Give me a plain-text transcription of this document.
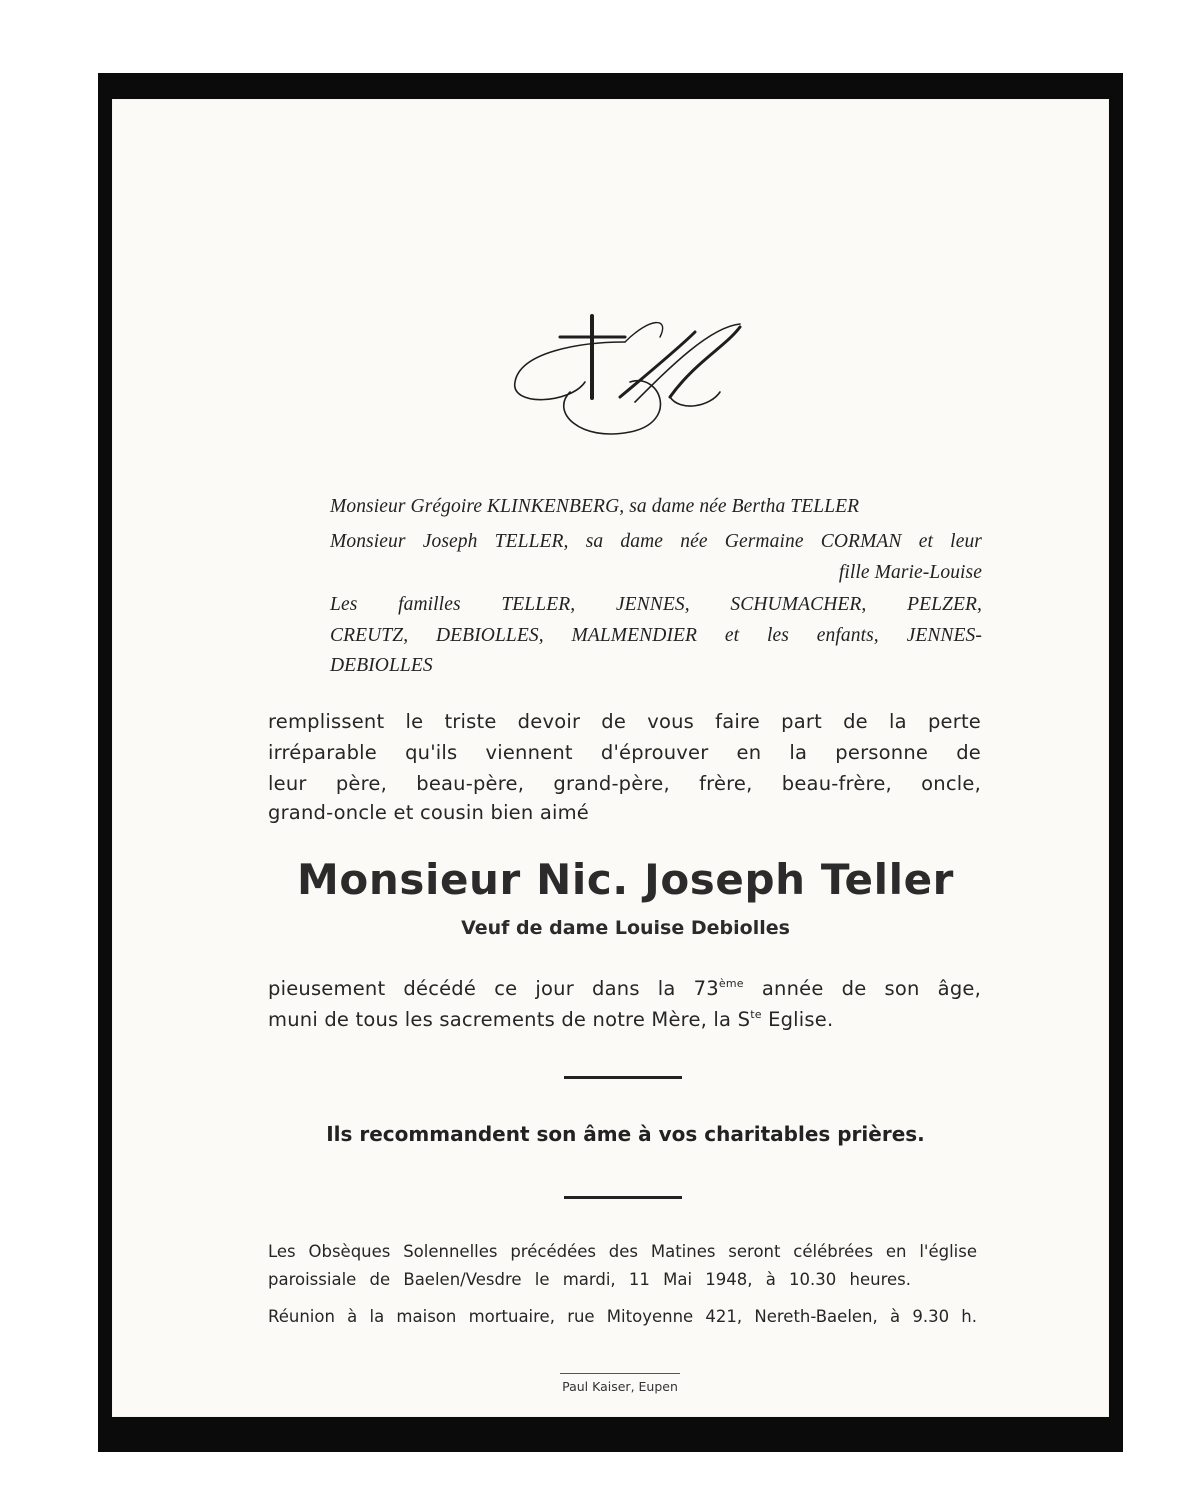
Monsieur Grégoire KLINKENBERG, sa dame née Bertha TELLER
Monsieur Joseph TELLER, sa dame née Germaine CORMAN et leur
fille Marie-Louise
Les familles TELLER, JENNES, SCHUMACHER, PELZER,
CREUTZ, DEBIOLLES, MALMENDIER et les enfants, JENNES-
DEBIOLLES
remplissent le triste devoir de vous faire part de la perte
irréparable qu'ils viennent d'éprouver en la personne de
leur père, beau-père, grand-père, frère, beau-frère, oncle,
grand-oncle et cousin bien aimé
Monsieur Nic. Joseph Teller
Veuf de dame Louise Debiolles
pieusement décédé ce jour dans la 73ème année de son âge,
muni de tous les sacrements de notre Mère, la $S^{te}$ Eglise.
Ils recommandent son âme à vos charitables prières.
Les Obsèques Solennelles précédées des Matines seront célébrées en l'église
paroissiale de Baelen/Vesdre le mardi, 11 Mai 1948, à 10.30 heures.
Réunion à la maison mortuaire, rue Mitoyenne 421, Nereth-Baelen, à 9.30 h.
Paul Kaiser, Eupen
